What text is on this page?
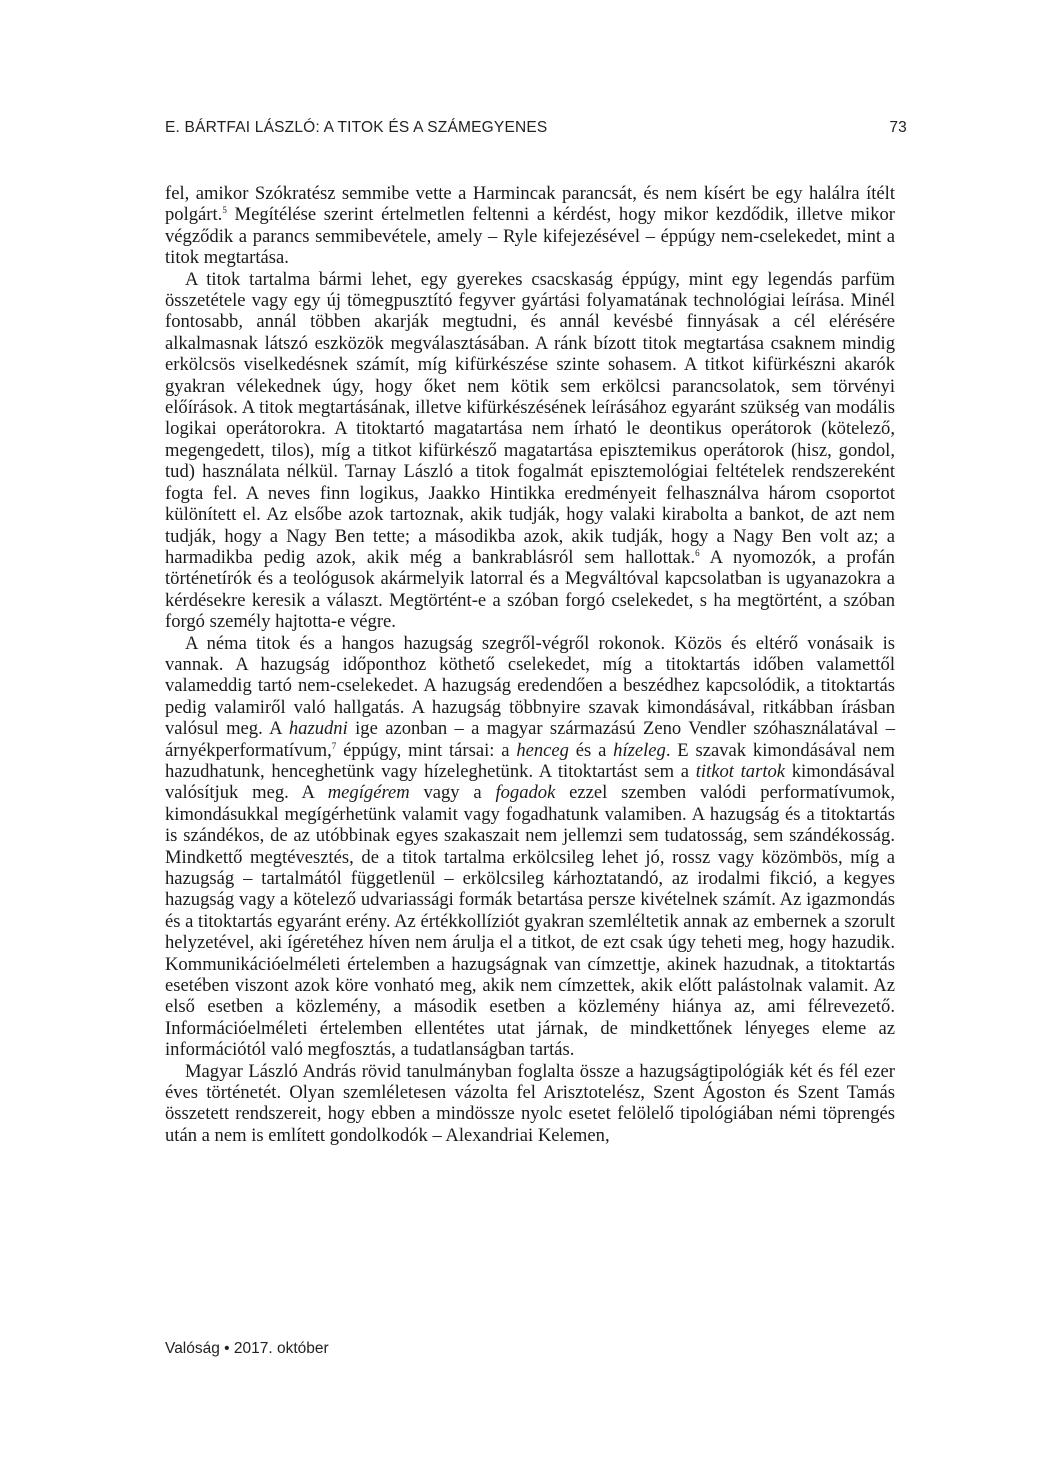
E. BÁRTFAI LÁSZLÓ: A TITOK ÉS A SZÁMEGYENES	73

fel, amikor Szókratész semmibe vette a Harmincak parancsát, és nem kísért be egy halálra ítélt polgárt.$^5$ Megítélése szerint értelmetlen feltenni a kérdést, hogy mikor kezdődik, illetve mikor végződik a parancs semmibevétele, amely – Ryle kifejezésével – éppúgy nem-cselekedet, mint a titok megtartása.

A titok tartalma bármi lehet, egy gyerekes csacskaság éppúgy, mint egy legendás parfüm összetétele vagy egy új tömegpusztító fegyver gyártási folyamatának technológiai leírása. Minél fontosabb, annál többen akarják megtudni, és annál kevésbé finnyásak a cél elérésére alkalmasnak látszó eszközök megválasztásában. A ránk bízott titok megtartása csaknem mindig erkölcsös viselkedésnek számít, míg kifürkészése szinte sohasem. A titkot kifürkészni akarók gyakran vélekednek úgy, hogy őket nem kötik sem erkölcsi parancsolatok, sem törvényi előírások. A titok megtartásának, illetve kifürkészésének leírásához egyaránt szükség van modális logikai operátorokra. A titoktartó magatartása nem írható le deontikus operátorok (kötelező, megengedett, tilos), míg a titkot kifürkésző magatartása episztemikus operátorok (hisz, gondol, tud) használata nélkül. Tarnay László a titok fogalmát episztemológiai feltételek rendszereként fogta fel. A neves finn logikus, Jaakko Hintikka eredményeit felhasználva három csoportot különített el. Az elsőbe azok tartoznak, akik tudják, hogy valaki kirabolta a bankot, de azt nem tudják, hogy a Nagy Ben tette; a másodikba azok, akik tudják, hogy a Nagy Ben volt az; a harmadikba pedig azok, akik még a bankrablásról sem hallottak.$^6$ A nyomozók, a profán történetírók és a teológusok akármelyik latorral és a Megváltóval kapcsolatban is ugyanazokra a kérdésekre keresik a választ. Megtörtént-e a szóban forgó cselekedet, s ha megtörtént, a szóban forgó személy hajtotta-e végre.

A néma titok és a hangos hazugság szegről-végről rokonok. Közös és eltérő vonásaik is vannak. A hazugság időponthoz köthető cselekedet, míg a titoktartás időben valamettől valameddig tartó nem-cselekedet. A hazugság eredendően a beszédhez kapcsolódik, a titoktartás pedig valamiről való hallgatás. A hazugság többnyire szavak kimondásával, ritkábban írásban valósul meg. A hazudni ige azonban – a magyar származású Zeno Vendler szóhasználatával – árnyékperformatívum,$^7$ éppúgy, mint társai: a henceg és a hízeleg. E szavak kimondásával nem hazudhatunk, henceghetünk vagy hízeleghetünk. A titoktartást sem a titkot tartok kimondásával valósítjuk meg. A megígérem vagy a fogadok ezzel szemben valódi performatívumok, kimondásukkal megígérhetünk valamit vagy fogadhatunk valamiben. A hazugság és a titoktartás is szándékos, de az utóbbinak egyes szakaszait nem jellemzi sem tudatosság, sem szándékosság. Mindkettő megtévesztés, de a titok tartalma erkölcsileg lehet jó, rossz vagy közömbös, míg a hazugság – tartalmától függetlenül – erkölcsileg kárhoztatandó, az irodalmi fikció, a kegyes hazugság vagy a kötelező udvariassági formák betartása persze kivételnek számít. Az igazmondás és a titoktartás egyaránt erény. Az értékkollíziót gyakran szemléltetik annak az embernek a szorult helyzetével, aki ígéretéhez híven nem árulja el a titkot, de ezt csak úgy teheti meg, hogy hazudik. Kommunikációelméleti értelemben a hazugságnak van címzettje, akinek hazudnak, a titoktartás esetében viszont azok köre vonható meg, akik nem címzettek, akik előtt palástolnak valamit. Az első esetben a közlemény, a második esetben a közlemény hiánya az, ami félrevezető. Információelméleti értelemben ellentétes utat járnak, de mindkettőnek lényeges eleme az információtól való megfosztás, a tudatlanságban tartás.

Magyar László András rövid tanulmányban foglalta össze a hazugságtipológiák két és fél ezer éves történetét. Olyan szemléletesen vázolta fel Arisztotelész, Szent Ágoston és Szent Tamás összetett rendszereit, hogy ebben a mindössze nyolc esetet felölelő tipológiában némi töprengés után a nem is említett gondolkodók – Alexandriai Kelemen,

Valóság • 2017. október
